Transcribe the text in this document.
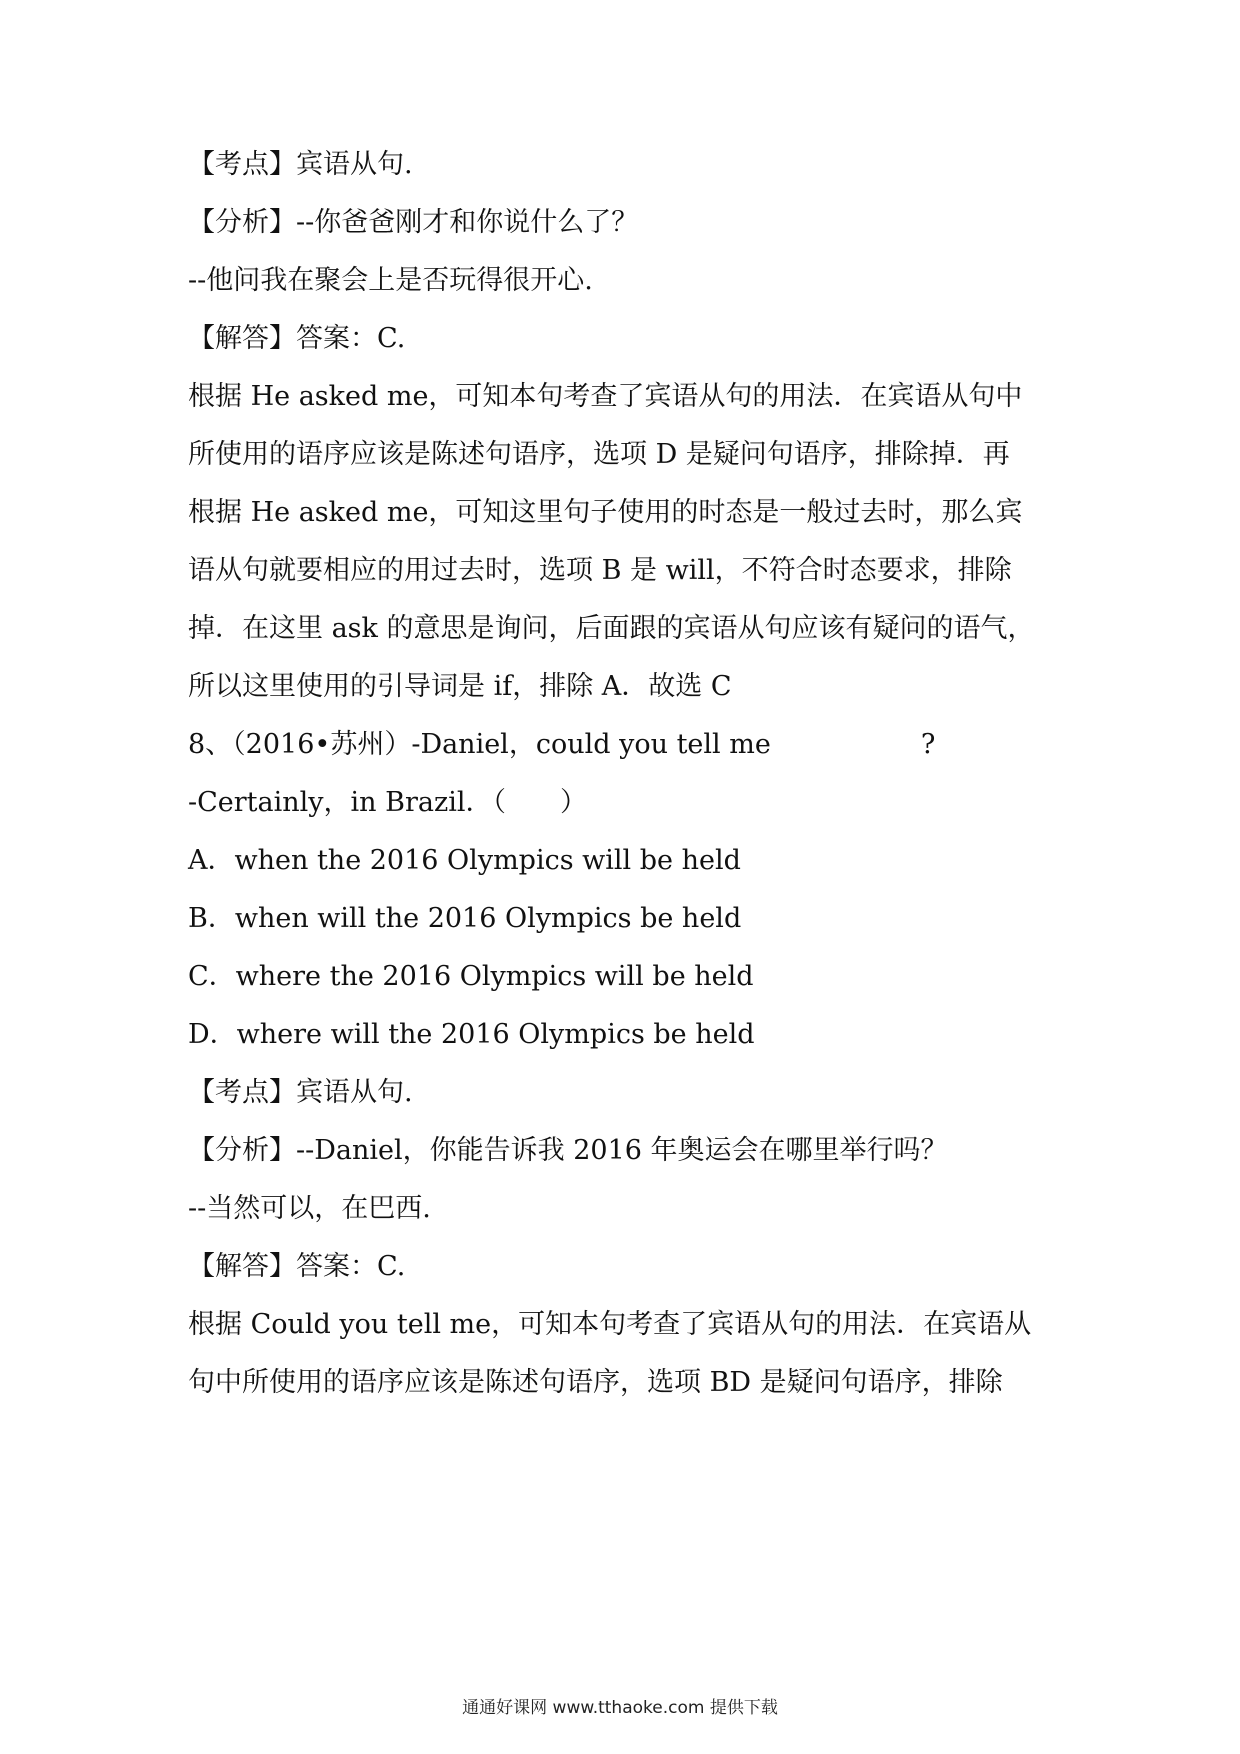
【考点】宾语从句.
【分析】--你爸爸刚才和你说什么了？
--他问我在聚会上是否玩得很开心.
【解答】答案：C.
根据 He asked me，可知本句考查了宾语从句的用法．在宾语从句中
所使用的语序应该是陈述句语序，选项 D 是疑问句语序，排除掉．再
根据 He asked me，可知这里句子使用的时态是一般过去时，那么宾
语从句就要相应的用过去时，选项 B 是 will，不符合时态要求，排除
掉．在这里 ask 的意思是询问，后面跟的宾语从句应该有疑问的语气，
所以这里使用的引导词是 if，排除 A．故选 C
8、（2016•苏州）-Daniel，could you tell me	?
-Certainly，in Brazil．（　　）
A．when the 2016 Olympics will be held
B．when will the 2016 Olympics be held
C．where the 2016 Olympics will be held
D．where will the 2016 Olympics be held
【考点】宾语从句.
【分析】--Daniel，你能告诉我 2016 年奥运会在哪里举行吗？
--当然可以，在巴西.
【解答】答案：C.
根据 Could you tell me，可知本句考查了宾语从句的用法．在宾语从
句中所使用的语序应该是陈述句语序，选项 BD 是疑问句语序，排除
通通好课网 www.tthaoke.com 提供下载
